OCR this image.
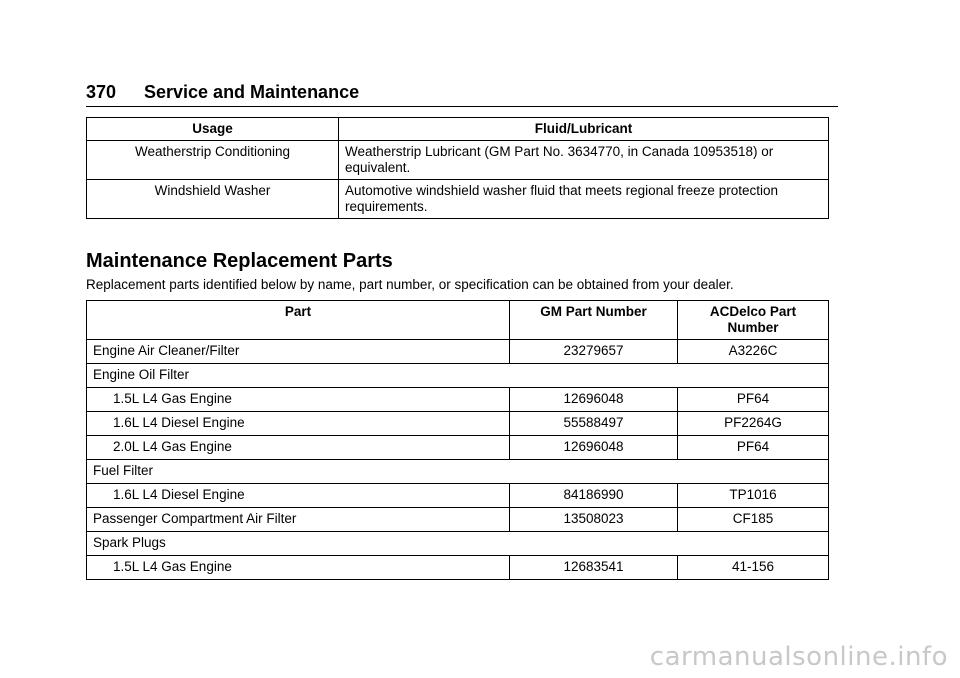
370 Service and Maintenance
Usage	Fluid/Lubricant
Weatherstrip Conditioning	Weatherstrip Lubricant (GM Part No. 3634770, in Canada 10953518) or equivalent.
Windshield Washer	Automotive windshield washer fluid that meets regional freeze protection requirements.
Maintenance Replacement Parts

Replacement parts identified below by name, part number, or specification can be obtained from your dealer.

Part	GM Part Number	ACDelco Part Number
Engine Air Cleaner/Filter	23279657	A3226C
Engine Oil Filter		
1.5L L4 Gas Engine	12696048	PF64
1.6L L4 Diesel Engine	55588497	PF2264G
2.0L L4 Gas Engine	12696048	PF64
Fuel Filter		
1.6L L4 Diesel Engine	84186990	TP1016
Passenger Compartment Air Filter	13508023	CF185
Spark Plugs		
1.5L L4 Gas Engine	12683541	41-156
carmanualsonline.info
